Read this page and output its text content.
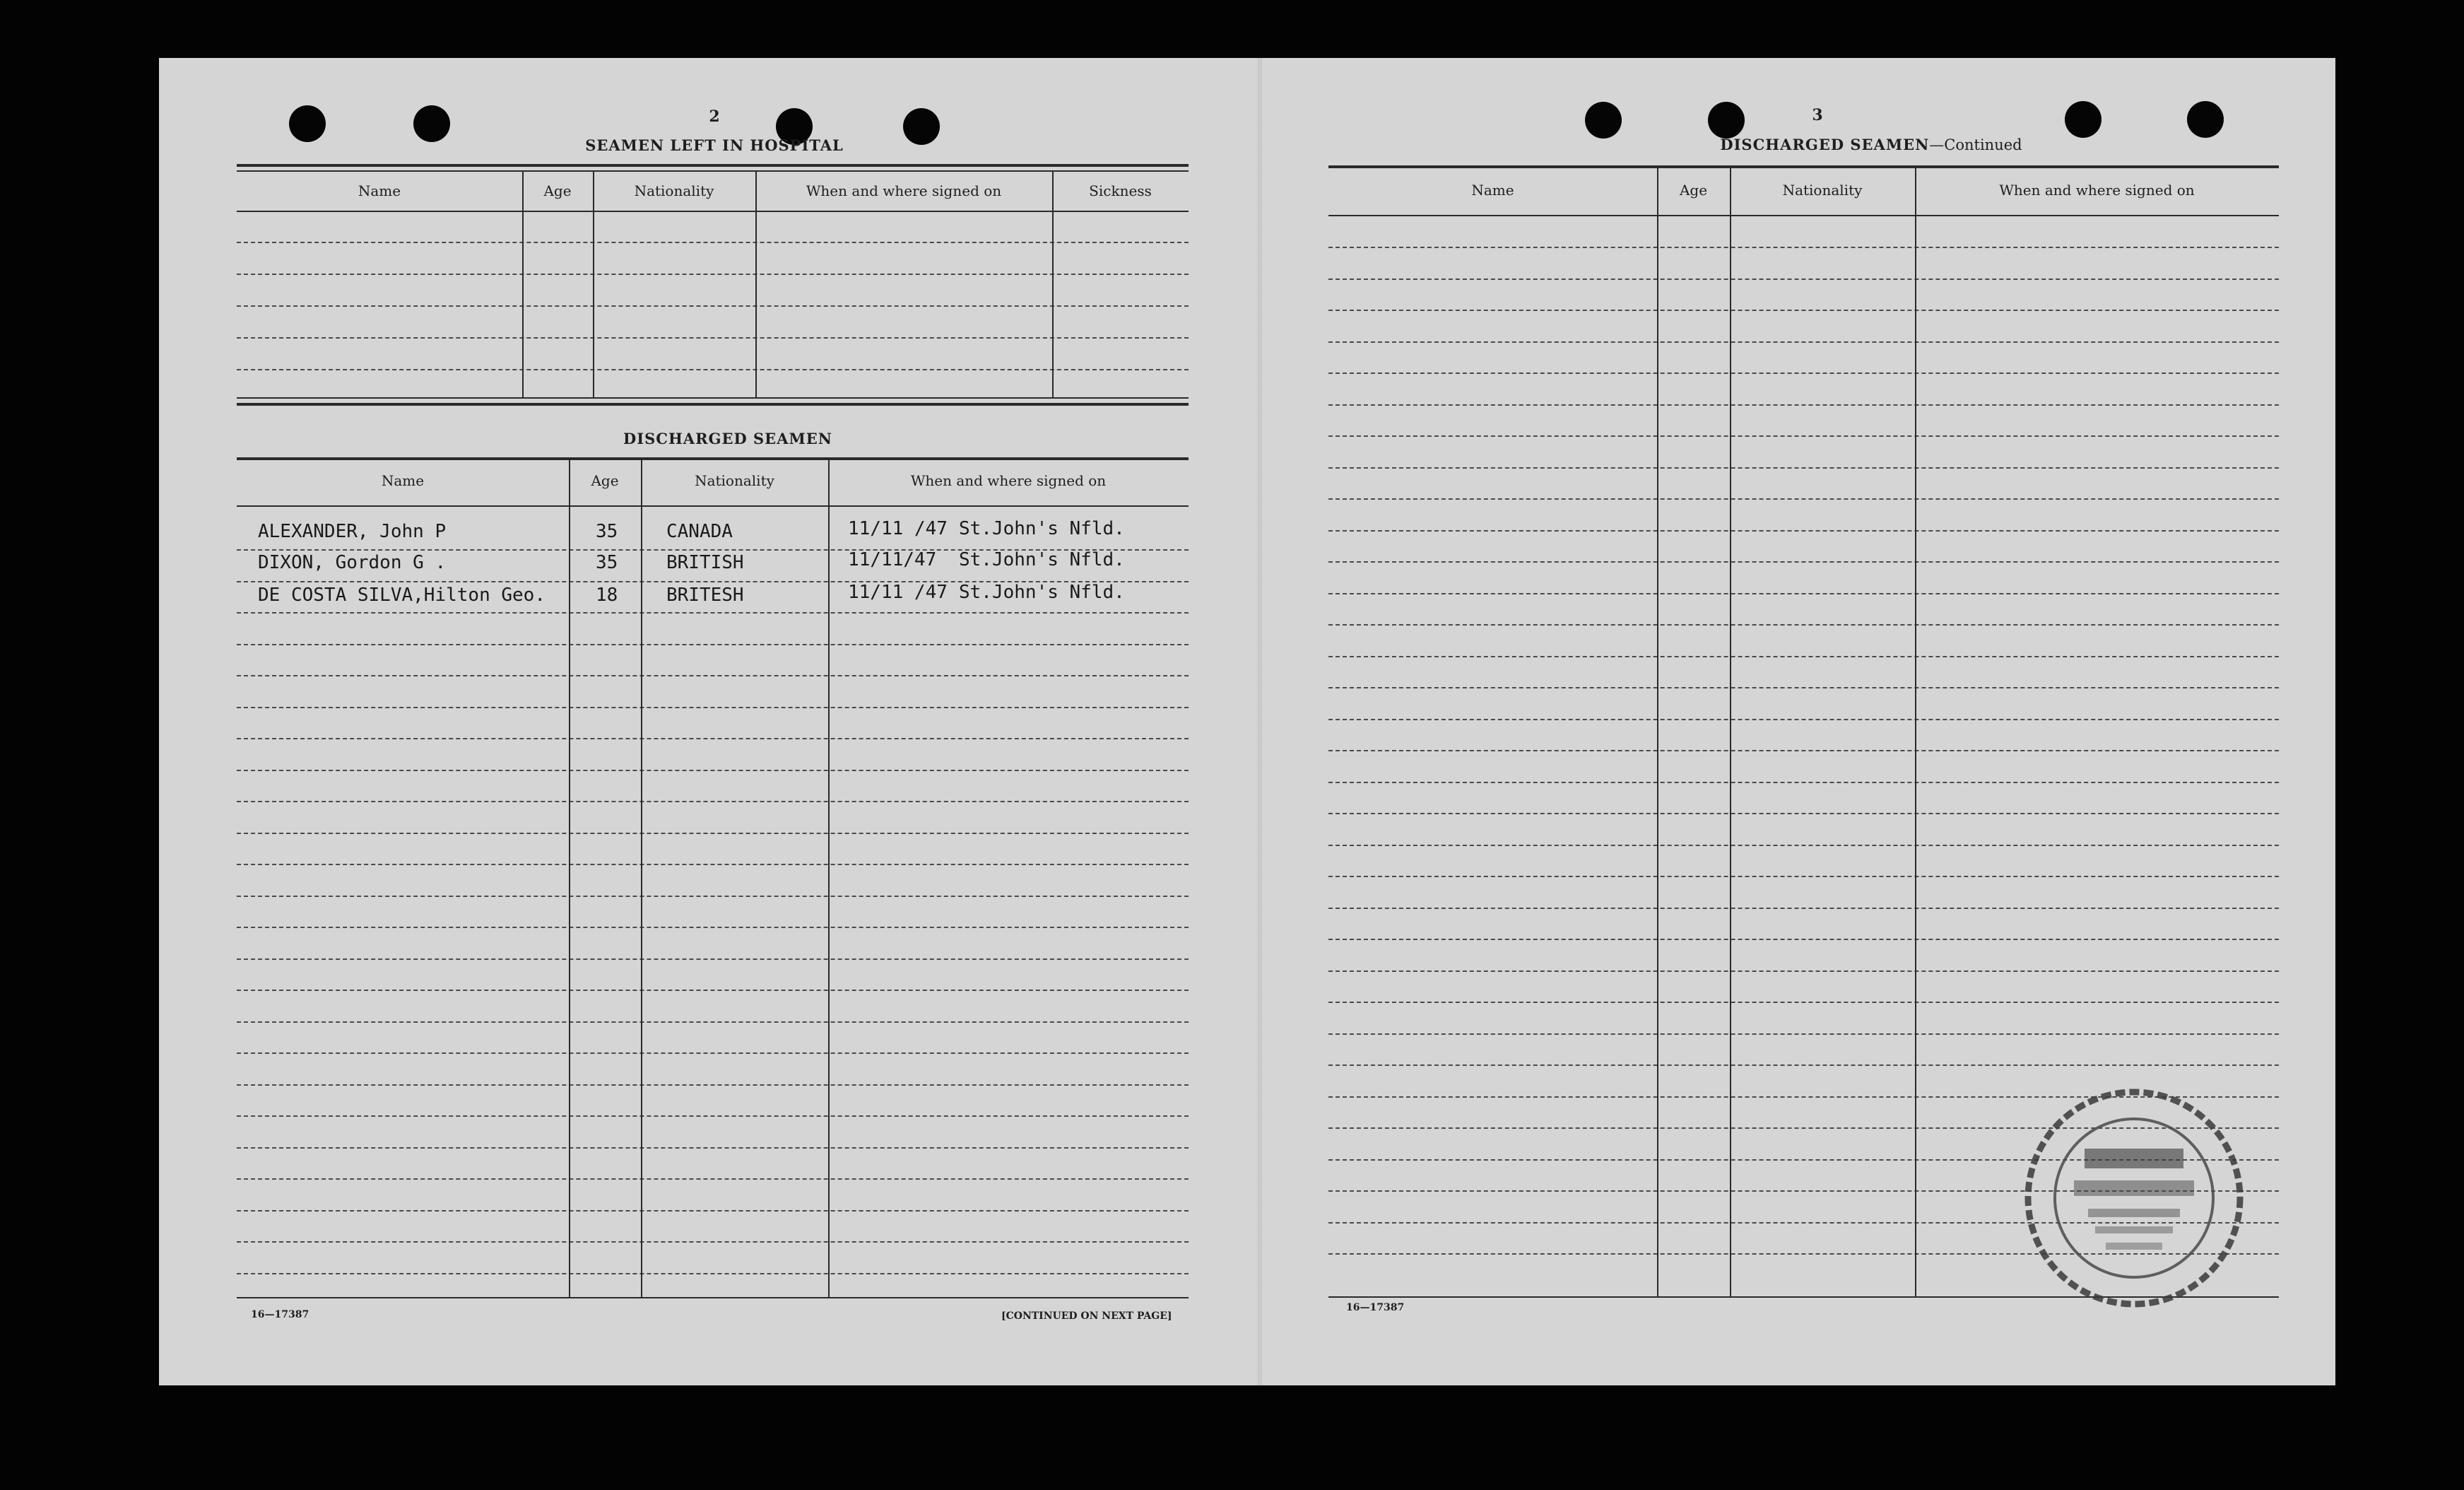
2
SEAMEN LEFT IN HOSPITAL
Name	Age	Nationality	When and where signed on	Sickness
DISCHARGED SEAMEN
Name	Age	Nationality	When and where signed on
ALEXANDER, John P	35	CANADA	11/11 /47 St.John's Nfld.
DIXON, Gordon G .	35	BRITISH	11/11/47 St.John's Nfld.
DE COSTA SILVA,Hilton Geo.	18	BRITESH	11/11 /47 St.John's Nfld.
16—17387	[CONTINUED ON NEXT PAGE]
3
DISCHARGED SEAMEN—Continued
Name	Age	Nationality	When and where signed on
16—17387
